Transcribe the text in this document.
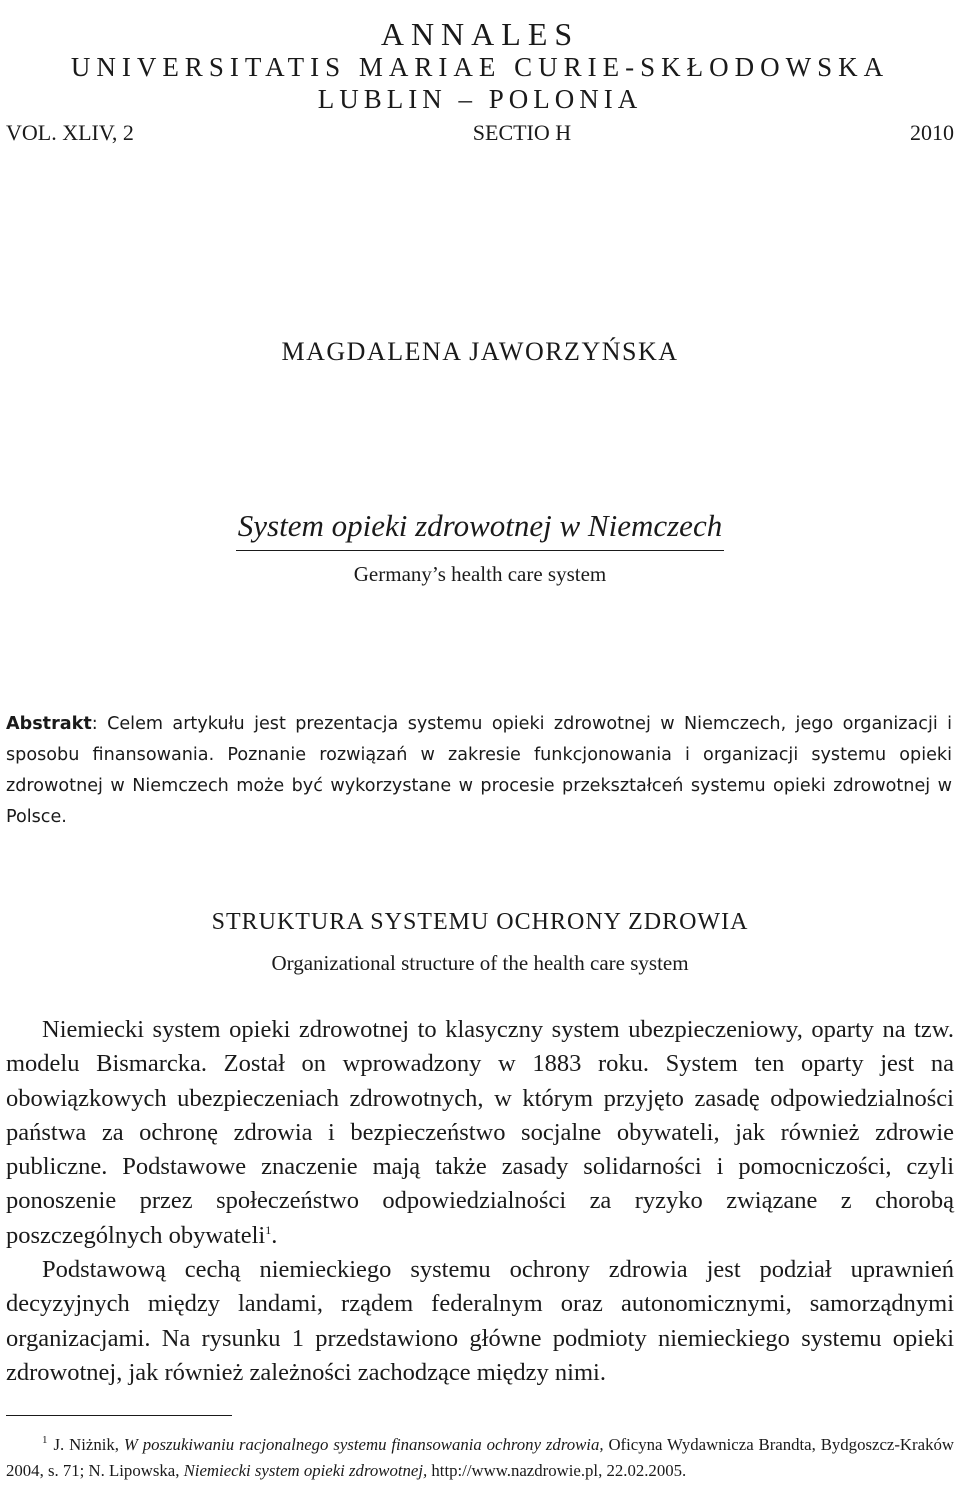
ANNALES
UNIVERSITATIS MARIAE CURIE-SKŁODOWSKA
LUBLIN – POLONIA
VOL. XLIV, 2	SECTIO H	2010
MAGDALENA JAWORZYŃSKA
System opieki zdrowotnej w Niemczech
Germany’s health care system
Abstrakt: Celem artykułu jest prezentacja systemu opieki zdrowotnej w Niemczech, jego organizacji i sposobu finansowania. Poznanie rozwiązań w zakresie funkcjonowania i organizacji systemu opieki zdrowotnej w Niemczech może być wykorzystane w procesie przekształceń systemu opieki zdrowotnej w Polsce.
STRUKTURA SYSTEMU OCHRONY ZDROWIA
Organizational structure of the health care system

Niemiecki system opieki zdrowotnej to klasyczny system ubezpieczeniowy, oparty na tzw. modelu Bismarcka. Został on wprowadzony w 1883 roku. System ten oparty jest na obowiązkowych ubezpieczeniach zdrowotnych, w którym przyjęto zasadę odpowiedzialności państwa za ochronę zdrowia i bezpieczeństwo socjalne obywateli, jak również zdrowie publiczne. Podstawowe znaczenie mają także zasady solidarności i pomocniczości, czyli ponoszenie przez społeczeństwo odpowiedzialności za ryzyko związane z chorobą poszczególnych obywateli$^1$.

Podstawową cechą niemieckiego systemu ochrony zdrowia jest podział uprawnień decyzyjnych między landami, rządem federalnym oraz autonomicznymi, samorządnymi organizacjami. Na rysunku 1 przedstawiono główne podmioty niemieckiego systemu opieki zdrowotnej, jak również zależności zachodzące między nimi.

$^1$ J. Niżnik, W poszukiwaniu racjonalnego systemu finansowania ochrony zdrowia, Oficyna Wydawnicza Brandta, Bydgoszcz-Kraków 2004, s. 71; N. Lipowska, Niemiecki system opieki zdrowotnej, http://www.nazdrowie.pl, 22.02.2005.
